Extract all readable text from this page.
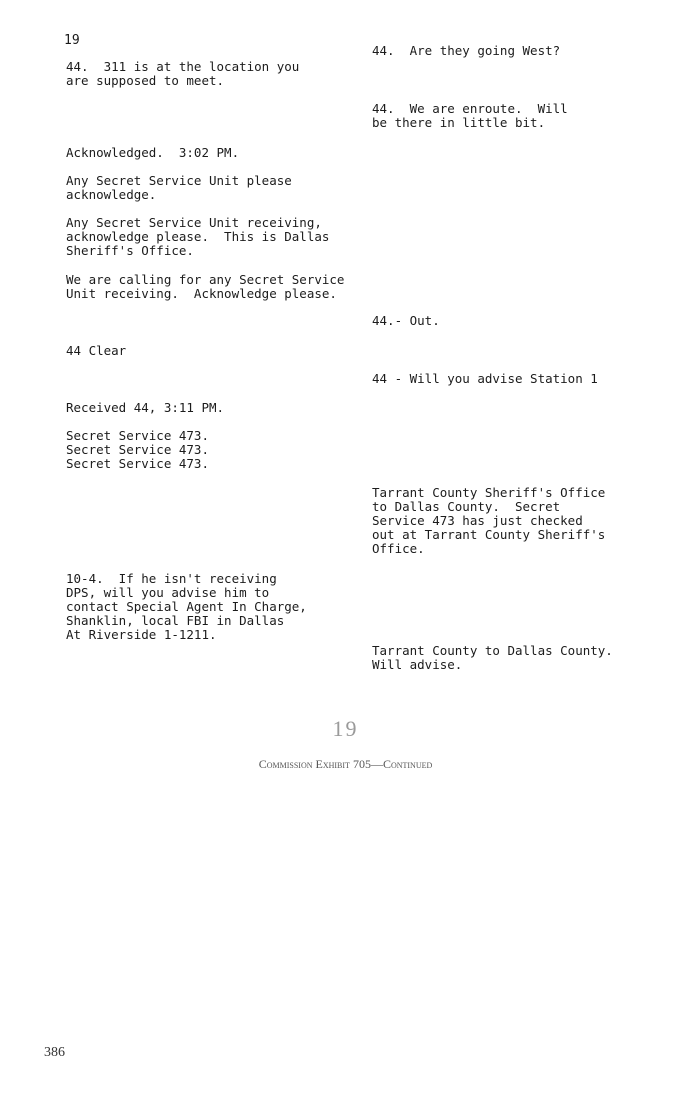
19

44.  Are they going West?

44.  We are enroute.  Will
be there in little bit.

44.- Out.

44 - Will you advise Station 1

Tarrant County Sheriff's Office
to Dallas County.  Secret
Service 473 has just checked
out at Tarrant County Sheriff's
Office.

Tarrant County to Dallas County.
Will advise.

44.  311 is at the location you
are supposed to meet.

Acknowledged.  3:02 PM.

Any Secret Service Unit please
acknowledge.

Any Secret Service Unit receiving,
acknowledge please.  This is Dallas
Sheriff's Office.

We are calling for any Secret Service
Unit receiving.  Acknowledge please.

44 Clear

Received 44, 3:11 PM.

Secret Service 473.
Secret Service 473.
Secret Service 473.

10-4.  If he isn't receiving
DPS, will you advise him to
contact Special Agent In Charge,
Shanklin, local FBI in Dallas
At Riverside 1-1211.

19
Commission Exhibit 705—Continued
386
